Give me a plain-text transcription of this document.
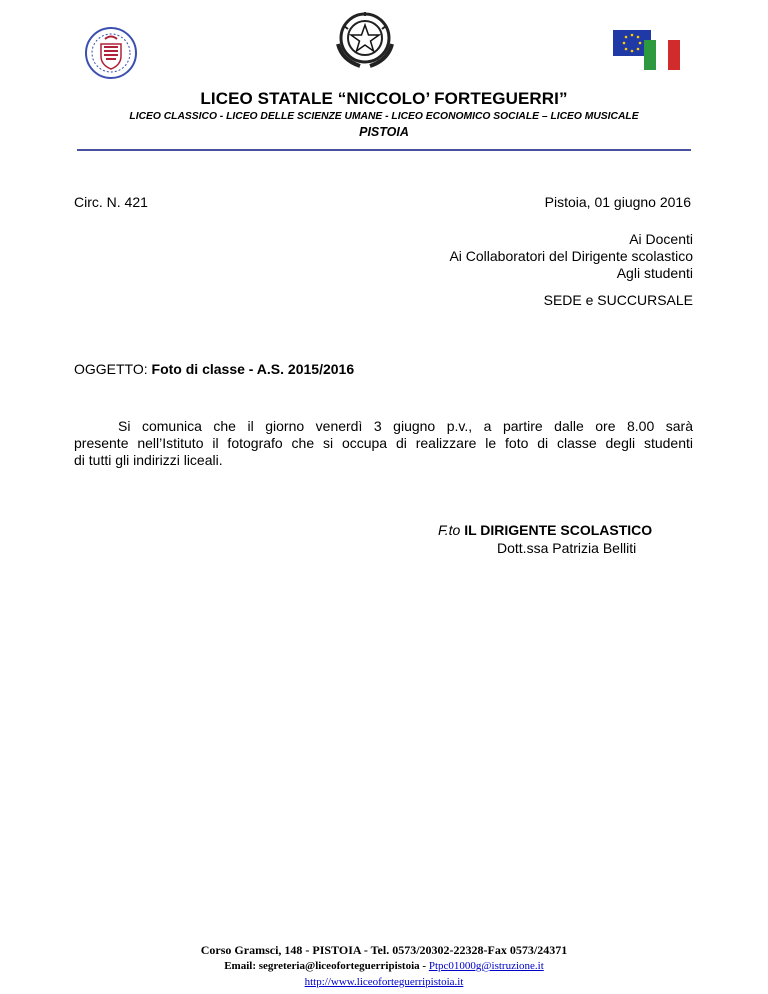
LICEO STATALE “NICCOLO’ FORTEGUERRI”
LICEO CLASSICO - LICEO DELLE SCIENZE UMANE - LICEO ECONOMICO SOCIALE – LICEO MUSICALE
PISTOIA
Circ. N. 421	Pistoia, 01 giugno 2016
Ai Docenti
Ai Collaboratori del Dirigente scolastico
Agli studenti
SEDE e SUCCURSALE
OGGETTO: Foto di classe - A.S. 2015/2016
Si comunica che il giorno venerdì 3 giugno p.v., a partire dalle ore 8.00 sarà
presente nell’Istituto il fotografo che si occupa di realizzare le foto di classe degli studenti
di tutti gli indirizzi liceali.
F.to IL DIRIGENTE SCOLASTICO
Dott.ssa Patrizia Belliti
Corso Gramsci, 148 - PISTOIA - Tel. 0573/20302-22328-Fax 0573/24371
Email: segreteria@liceoforteguerripistoia - Ptpc01000g@istruzione.it
http://www.liceoforteguerripistoia.it
